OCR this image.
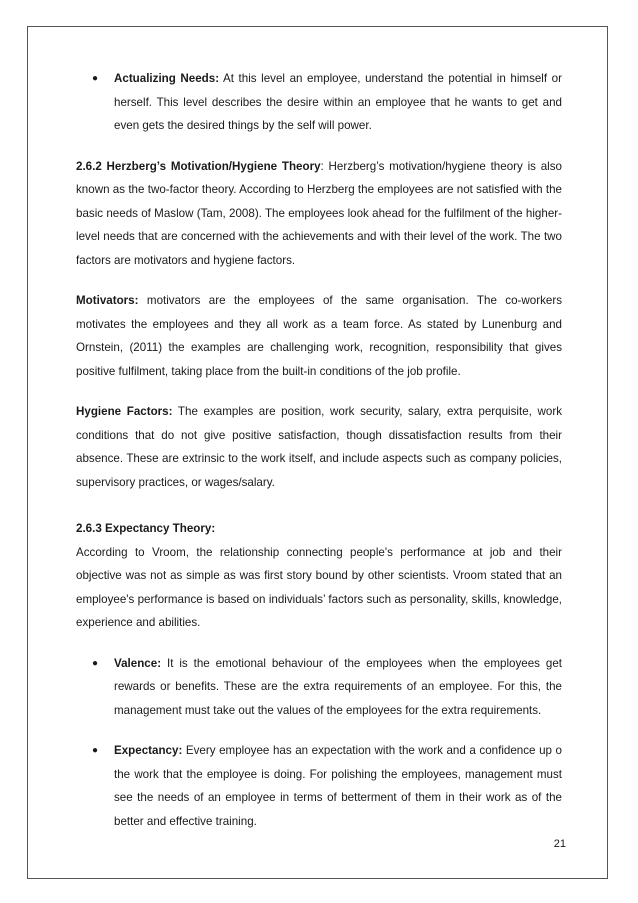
● Actualizing Needs: At this level an employee, understand the potential in himself or herself. This level describes the desire within an employee that he wants to get and even gets the desired things by the self will power.

2.6.2 Herzberg’s Motivation/Hygiene Theory: Herzberg’s motivation/hygiene theory is also known as the two-factor theory. According to Herzberg the employees are not satisfied with the basic needs of Maslow (Tam, 2008). The employees look ahead for the fulfilment of the higher-level needs that are concerned with the achievements and with their level of the work. The two factors are motivators and hygiene factors.

Motivators: motivators are the employees of the same organisation. The co-workers motivates the employees and they all work as a team force. As stated by Lunenburg and Ornstein, (2011) the examples are challenging work, recognition, responsibility that gives positive fulfilment, taking place from the built-in conditions of the job profile.

Hygiene Factors: The examples are position, work security, salary, extra perquisite, work conditions that do not give positive satisfaction, though dissatisfaction results from their absence. These are extrinsic to the work itself, and include aspects such as company policies, supervisory practices, or wages/salary.

2.6.3 Expectancy Theory:

According to Vroom, the relationship connecting people's performance at job and their objective was not as simple as was first story bound by other scientists. Vroom stated that an employee's performance is based on individuals’ factors such as personality, skills, knowledge, experience and abilities.

● Valence: It is the emotional behaviour of the employees when the employees get rewards or benefits. These are the extra requirements of an employee. For this, the management must take out the values of the employees for the extra requirements.
● Expectancy: Every employee has an expectation with the work and a confidence up o the work that the employee is doing. For polishing the employees, management must see the needs of an employee in terms of betterment of them in their work as of the better and effective training.
21
